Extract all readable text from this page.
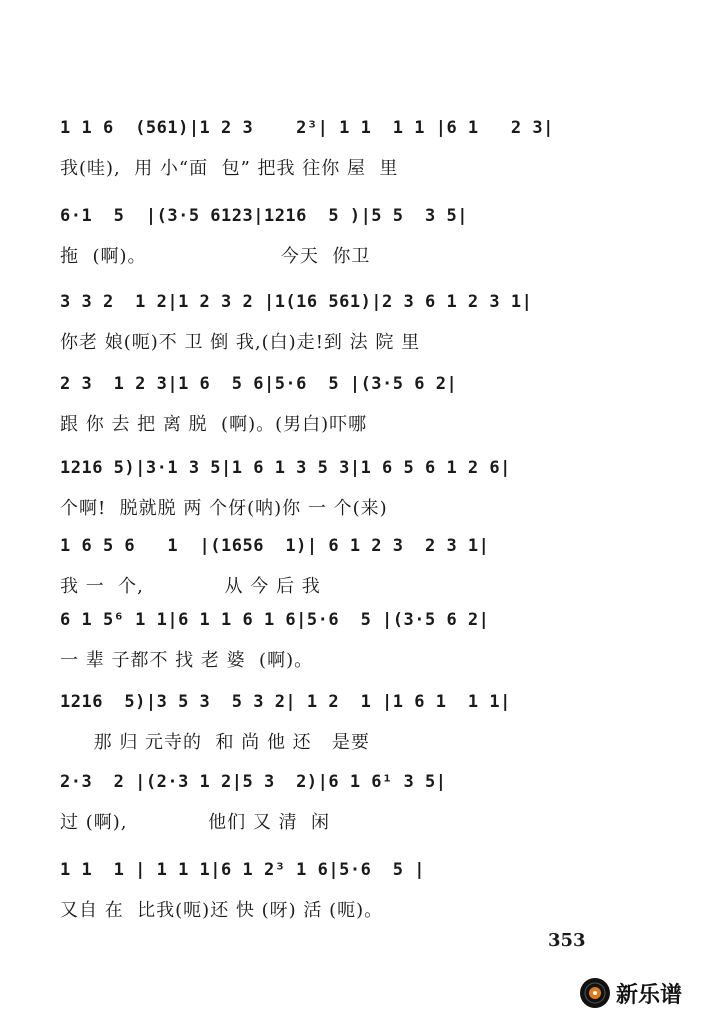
1 1 6  (561)|1 2 3    2³| 1 1  1 1 |6 1   2 3|
我(哇),  用 小“面  包” 把我 往你 屋  里
6·1  5  |(3·5 6123|1216  5 )|5 5  3 5|
拖  (啊)。                    今天  你卫
3 3 2  1 2|1 2 3 2 |1(16 561)|2 3 6 1 2 3 1|
你老 娘(呃)不 卫 倒 我,(白)走!到 法 院 里
2 3  1 2 3|1 6  5 6|5·6  5 |(3·5 6 2|
跟 你 去 把 离 脱  (啊)。(男白)吓哪
1216 5)|3·1 3 5|1 6 1 3 5 3|1 6 5 6 1 2 6|
个啊!  脱就脱 两 个伢(呐)你 一 个(来)
1 6 5 6   1  |(1656  1)| 6 1 2 3  2 3 1|
我 一  个,            从 今 后 我
6 1 5⁶ 1 1|6 1 1 6 1 6|5·6  5 |(3·5 6 2|
一 辈 子都不 找 老 婆  (啊)。
1216  5)|3 5 3  5 3 2| 1 2  1 |1 6 1  1 1|
那 归 元寺的  和 尚 他 还   是要
2·3  2 |(2·3 1 2|5 3  2)|6 1 6¹ 3 5|
过 (啊),            他们 又 清  闲
1 1  1 | 1 1 1|6 1 2³ 1 6|5·6  5 |
又自 在  比我(呃)还 快 (呀) 活 (呃)。
353
新乐谱
